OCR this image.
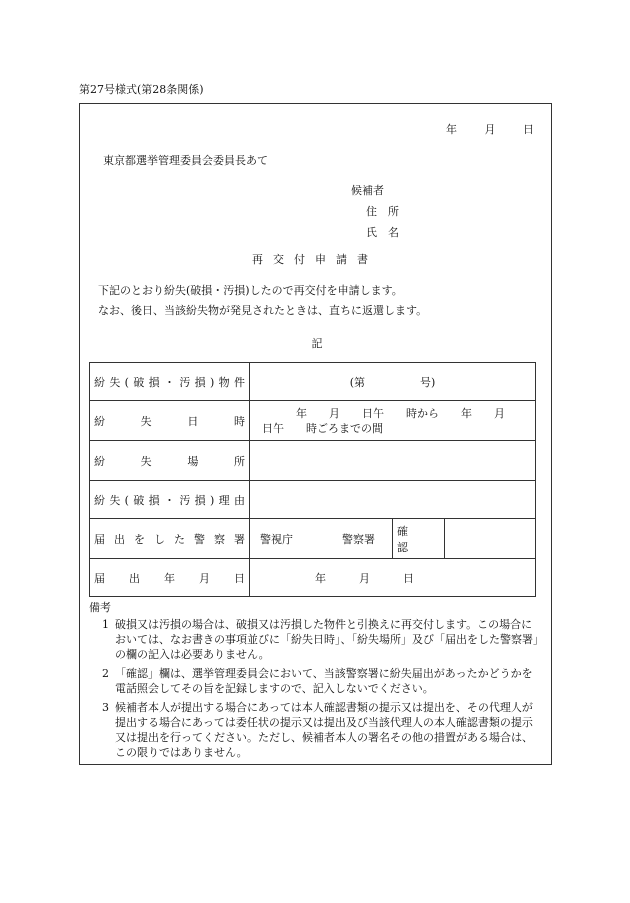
第27号様式(第28条関係)
年	月	日
東京都選挙管理委員会委員長あて
候補者
住　所
氏　名
再交付申請書
下記のとおり紛失(破損・汚損)したので再交付を申請します。
なお、後日、当該紛失物が発見されたときは、直ちに返還します。
記
紛失(破損・汚損)物件	(第　　　　　号)		
紛失日時	年　　月　　日午　　時から　　年　　月
日午　　時ごろまでの間		

紛失場所			
紛失(破損・汚損)理由			
届出をした警察署	警視庁 警察署	確　　認	
届出年月日	年　　　月　　　日		
備考
1 破損又は汚損の場合は、破損又は汚損した物件と引換えに再交付します。この場合においては、なお書きの事項並びに「紛失日時」、「紛失場所」及び「届出をした警察署」の欄の記入は必要ありません。
2 「確認」欄は、選挙管理委員会において、当該警察署に紛失届出があったかどうかを電話照会してその旨を記録しますので、記入しないでください。
3 候補者本人が提出する場合にあっては本人確認書類の提示又は提出を、その代理人が提出する場合にあっては委任状の提示又は提出及び当該代理人の本人確認書類の提示又は提出を行ってください。ただし、候補者本人の署名その他の措置がある場合は、この限りではありません。
